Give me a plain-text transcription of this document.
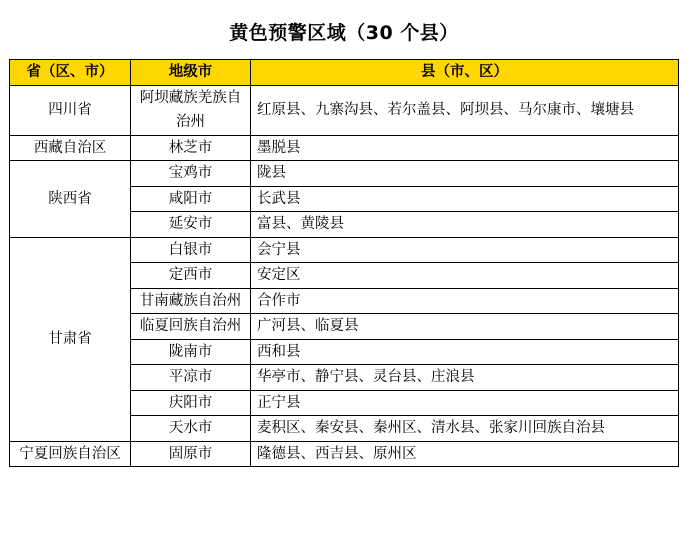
黄色预警区域（30 个县）
省（区、市）	地级市	县（市、区）
四川省	阿坝藏族羌族自治州	红原县、九寨沟县、若尔盖县、阿坝县、马尔康市、壤塘县
西藏自治区	林芝市	墨脱县
陕西省	宝鸡市	陇县
	咸阳市	长武县
	延安市	富县、黄陵县
甘肃省	白银市	会宁县
	定西市	安定区
	甘南藏族自治州	合作市
	临夏回族自治州	广河县、临夏县
	陇南市	西和县
	平凉市	华亭市、静宁县、灵台县、庄浪县
	庆阳市	正宁县
	天水市	麦积区、秦安县、秦州区、清水县、张家川回族自治县
宁夏回族自治区	固原市	隆德县、西吉县、原州区
